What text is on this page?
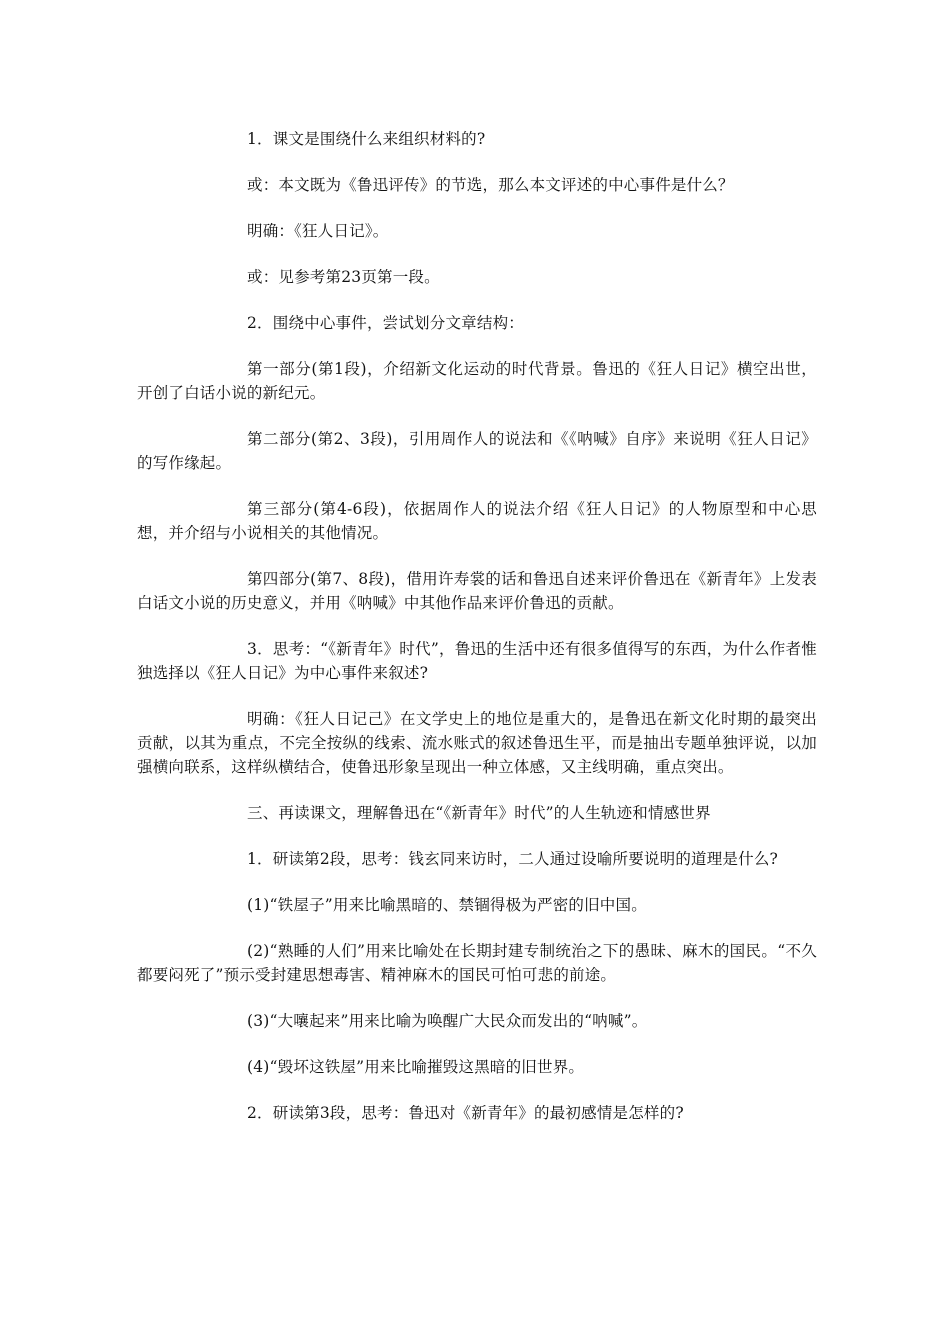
1．课文是围绕什么来组织材料的?

或：本文既为《鲁迅评传》的节选，那么本文评述的中心事件是什么？

明确：《狂人日记》。

或：见参考第23页第一段。

2．围绕中心事件，尝试划分文章结构：

第一部分(第1段)，介绍新文化运动的时代背景。鲁迅的《狂人日记》横空出世，开创了白话小说的新纪元。

第二部分(第2、3段)，引用周作人的说法和《《呐喊》自序》来说明《狂人日记》的写作缘起。

第三部分(第4-6段)，依据周作人的说法介绍《狂人日记》的人物原型和中心思想，并介绍与小说相关的其他情况。

第四部分(第7、8段)，借用许寿裳的话和鲁迅自述来评价鲁迅在《新青年》上发表白话文小说的历史意义，并用《呐喊》中其他作品来评价鲁迅的贡献。

3．思考：“《新青年》时代”，鲁迅的生活中还有很多值得写的东西，为什么作者惟独选择以《狂人日记》为中心事件来叙述?

明确：《狂人日记己》在文学史上的地位是重大的，是鲁迅在新文化时期的最突出贡献，以其为重点，不完全按纵的线索、流水账式的叙述鲁迅生平，而是抽出专题单独评说，以加强横向联系，这样纵横结合，使鲁迅形象呈现出一种立体感，又主线明确，重点突出。

三、再读课文，理解鲁迅在“《新青年》时代”的人生轨迹和情感世界

1．研读第2段，思考：钱玄同来访时，二人通过设喻所要说明的道理是什么?

(1)“铁屋子”用来比喻黑暗的、禁锢得极为严密的旧中国。

(2)“熟睡的人们”用来比喻处在长期封建专制统治之下的愚昧、麻木的国民。“不久都要闷死了”预示受封建思想毒害、精神麻木的国民可怕可悲的前途。

(3)“大嚷起来”用来比喻为唤醒广大民众而发出的“呐喊”。

(4)“毁坏这铁屋”用来比喻摧毁这黑暗的旧世界。

2．研读第3段，思考：鲁迅对《新青年》的最初感情是怎样的?
